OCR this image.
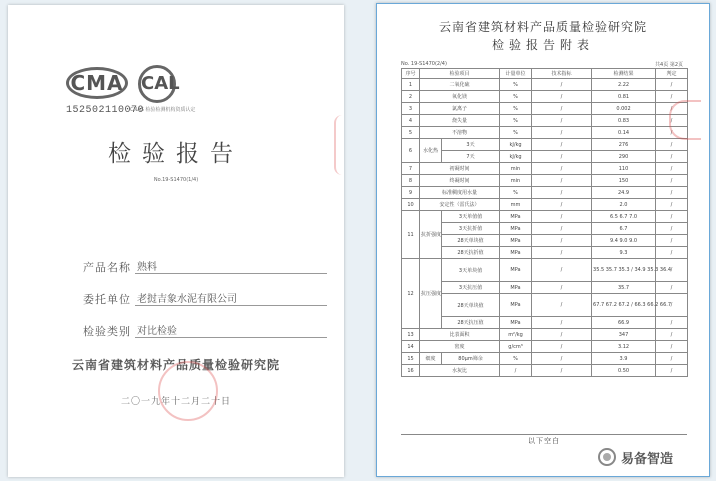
CMA CAL
152502110070
CNAS 检验检测机构资质认定
检验报告
No.19-S1470(1/4)
产品名称 熟料
委托单位 老挝吉象水泥有限公司
检验类别 对比检验
云南省建筑材料产品质量检验研究院
二〇一九年十二月二十日
云南省建筑材料产品质量检验研究院
检验报告附表
No. 19-S1470(2/4)	共4页 第2页
序号	检验项目		计量单位	技术指标	检测结果	判定
1	二氧化硫		%	/	2.22	/
2	氧化镁		%	/	0.81	/
3	氯离子		%	/	0.002	/
4	烧失量		%	/	0.83	/
5	不溶物		%	/	0.14	/
6	水化热	3天	kJ/kg	/	276	/
		7天	kJ/kg	/	290	/
7	初凝时间		min	/	110	/
8	终凝时间		min	/	150	/
9	标准稠度用水量		%	/	24.9	/
10	安定性（雷氏法）		mm	/	2.0	/
11	抗折强度	3天单值值	MPa	/	6.5 6.7 7.0	/
		3天抗折值	MPa	/	6.7	/
		28天单块值	MPa	/	9.4 9.0 9.0	/
		28天抗折值	MPa	/	9.3	/
12	抗压强度	3天单块值	MPa	/	35.5 35.7 35.3 / 34.9 35.3 36.4	/
		3天抗压值	MPa	/	35.7	/
		28天单块值	MPa	/	67.7 67.2 67.2 / 66.3 66.2 66.7	/
		28天抗压值	MPa	/	66.9	/
13	比表面积		m²/kg	/	347	/
14	密度		g/cm³	/	3.12	/
15	细度	80μm筛余	%	/	3.9	/
16	水灰比		/	/	0.50	/
以下空白
易备智造
